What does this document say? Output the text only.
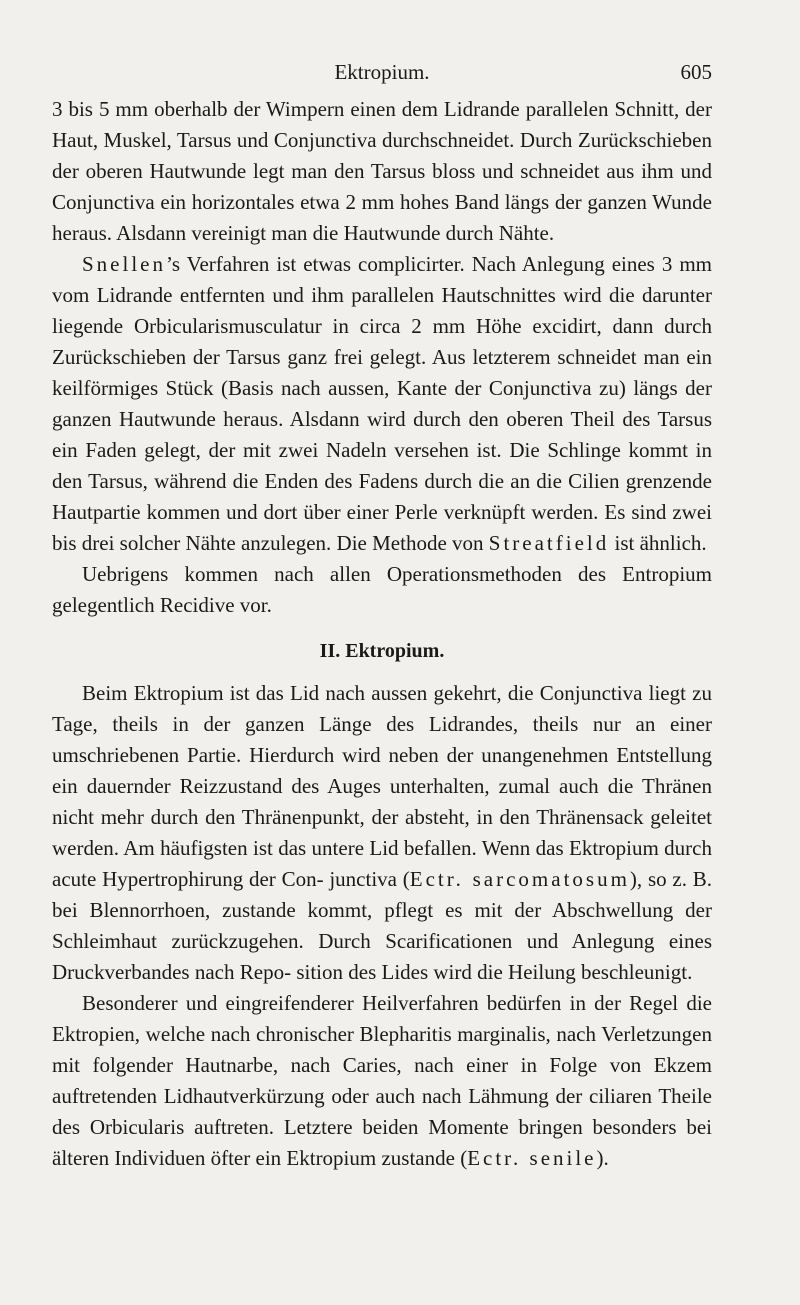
Ektropium.	605

3 bis 5 mm oberhalb der Wimpern einen dem Lidrande parallelen Schnitt, der Haut, Muskel, Tarsus und Conjunctiva durchschneidet. Durch Zurückschieben der oberen Hautwunde legt man den Tarsus bloss und schneidet aus ihm und Conjunctiva ein horizontales etwa 2 mm hohes Band längs der ganzen Wunde heraus. Alsdann vereinigt man die Hautwunde durch Nähte.

Snellen’s Verfahren ist etwas complicirter. Nach Anlegung eines 3 mm vom Lidrande entfernten und ihm parallelen Hautschnittes wird die darunter liegende Orbicularismusculatur in circa 2 mm Höhe excidirt, dann durch Zurückschieben der Tarsus ganz frei gelegt. Aus letzterem schneidet man ein keilförmiges Stück (Basis nach aussen, Kante der Conjunctiva zu) längs der ganzen Hautwunde heraus. Alsdann wird durch den oberen Theil des Tarsus ein Faden gelegt, der mit zwei Nadeln versehen ist. Die Schlinge kommt in den Tarsus, während die Enden des Fadens durch die an die Cilien grenzende Hautpartie kommen und dort über einer Perle verknüpft werden. Es sind zwei bis drei solcher Nähte anzulegen. Die Methode von Streatfield ist ähnlich.

Uebrigens kommen nach allen Operationsmethoden des Entropium gelegentlich Recidive vor.

II. Ektropium.

Beim Ektropium ist das Lid nach aussen gekehrt, die Conjunctiva liegt zu Tage, theils in der ganzen Länge des Lidrandes, theils nur an einer umschriebenen Partie. Hierdurch wird neben der unangenehmen Entstellung ein dauernder Reizzustand des Auges unterhalten, zumal auch die Thränen nicht mehr durch den Thränenpunkt, der absteht, in den Thränensack geleitet werden. Am häufigsten ist das untere Lid befallen. Wenn das Ektropium durch acute Hypertrophirung der Con- junctiva (Ectr. sarcomatosum), so z. B. bei Blennorrhoen, zustande kommt, pflegt es mit der Abschwellung der Schleimhaut zurückzugehen. Durch Scarificationen und Anlegung eines Druckverbandes nach Repo- sition des Lides wird die Heilung beschleunigt.

Besonderer und eingreifenderer Heilverfahren bedürfen in der Regel die Ektropien, welche nach chronischer Blepharitis marginalis, nach Verletzungen mit folgender Hautnarbe, nach Caries, nach einer in Folge von Ekzem auftretenden Lidhautverkürzung oder auch nach Lähmung der ciliaren Theile des Orbicularis auftreten. Letztere beiden Momente bringen besonders bei älteren Individuen öfter ein Ektropium zustande (Ectr. senile).
